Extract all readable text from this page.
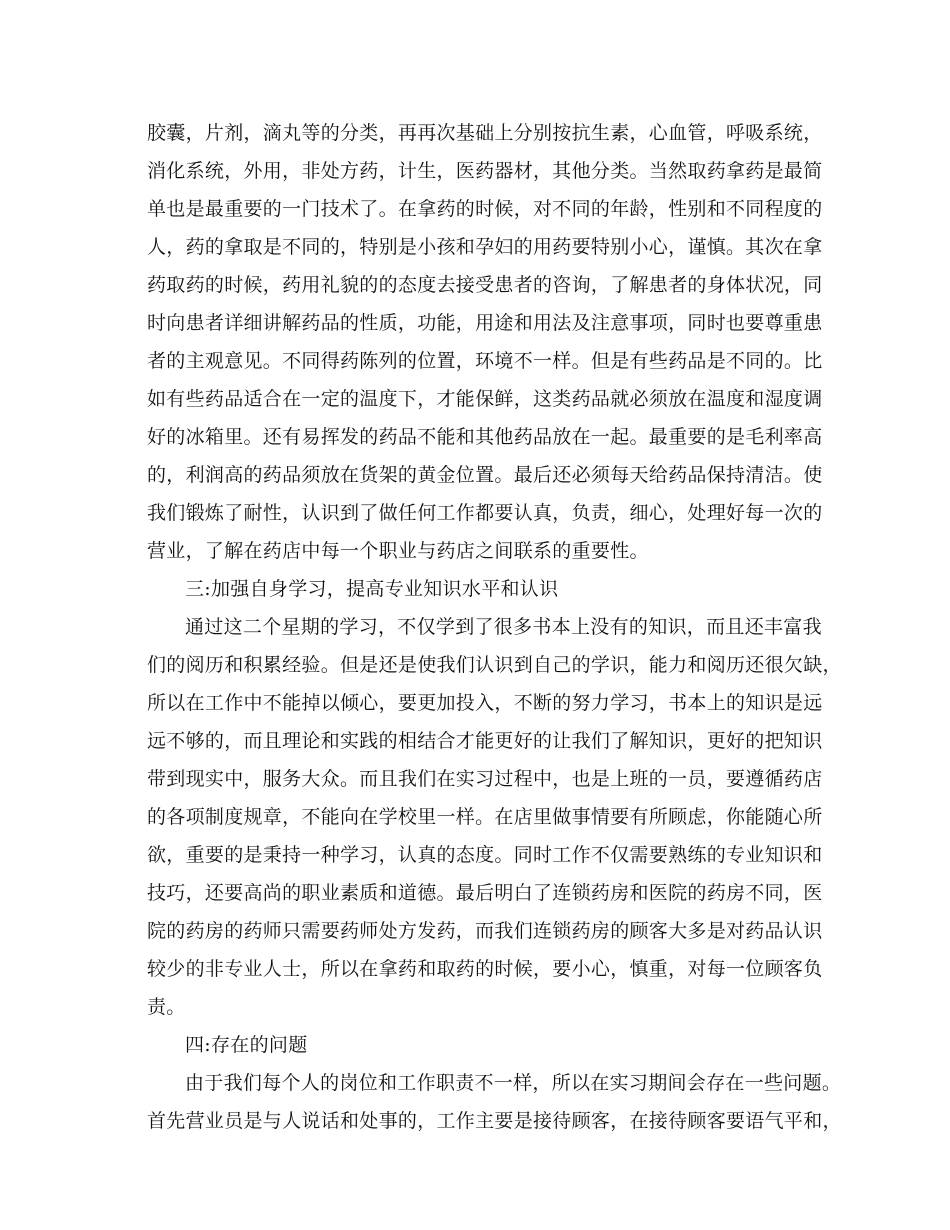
胶囊，片剂，滴丸等的分类，再再次基础上分别按抗生素，心血管，呼吸系统，
消化系统，外用，非处方药，计生，医药器材，其他分类。当然取药拿药是最简
单也是最重要的一门技术了。在拿药的时候，对不同的年龄，性别和不同程度的
人，药的拿取是不同的，特别是小孩和孕妇的用药要特别小心，谨慎。其次在拿
药取药的时候，药用礼貌的的态度去接受患者的咨询，了解患者的身体状况，同
时向患者详细讲解药品的性质，功能，用途和用法及注意事项，同时也要尊重患
者的主观意见。不同得药陈列的位置，环境不一样。但是有些药品是不同的。比
如有些药品适合在一定的温度下，才能保鲜，这类药品就必须放在温度和湿度调
好的冰箱里。还有易挥发的药品不能和其他药品放在一起。最重要的是毛利率高
的，利润高的药品须放在货架的黄金位置。最后还必须每天给药品保持清洁。使
我们锻炼了耐性，认识到了做任何工作都要认真，负责，细心，处理好每一次的
营业，了解在药店中每一个职业与药店之间联系的重要性。
三:加强自身学习，提高专业知识水平和认识
通过这二个星期的学习，不仅学到了很多书本上没有的知识，而且还丰富我
们的阅历和积累经验。但是还是使我们认识到自己的学识，能力和阅历还很欠缺，
所以在工作中不能掉以倾心，要更加投入，不断的努力学习，书本上的知识是远
远不够的，而且理论和实践的相结合才能更好的让我们了解知识，更好的把知识
带到现实中，服务大众。而且我们在实习过程中，也是上班的一员，要遵循药店
的各项制度规章，不能向在学校里一样。在店里做事情要有所顾虑，你能随心所
欲，重要的是秉持一种学习，认真的态度。同时工作不仅需要熟练的专业知识和
技巧，还要高尚的职业素质和道德。最后明白了连锁药房和医院的药房不同，医
院的药房的药师只需要药师处方发药，而我们连锁药房的顾客大多是对药品认识
较少的非专业人士，所以在拿药和取药的时候，要小心，慎重，对每一位顾客负
责。
四:存在的问题
由于我们每个人的岗位和工作职责不一样，所以在实习期间会存在一些问题。
首先营业员是与人说话和处事的，工作主要是接待顾客，在接待顾客要语气平和，
